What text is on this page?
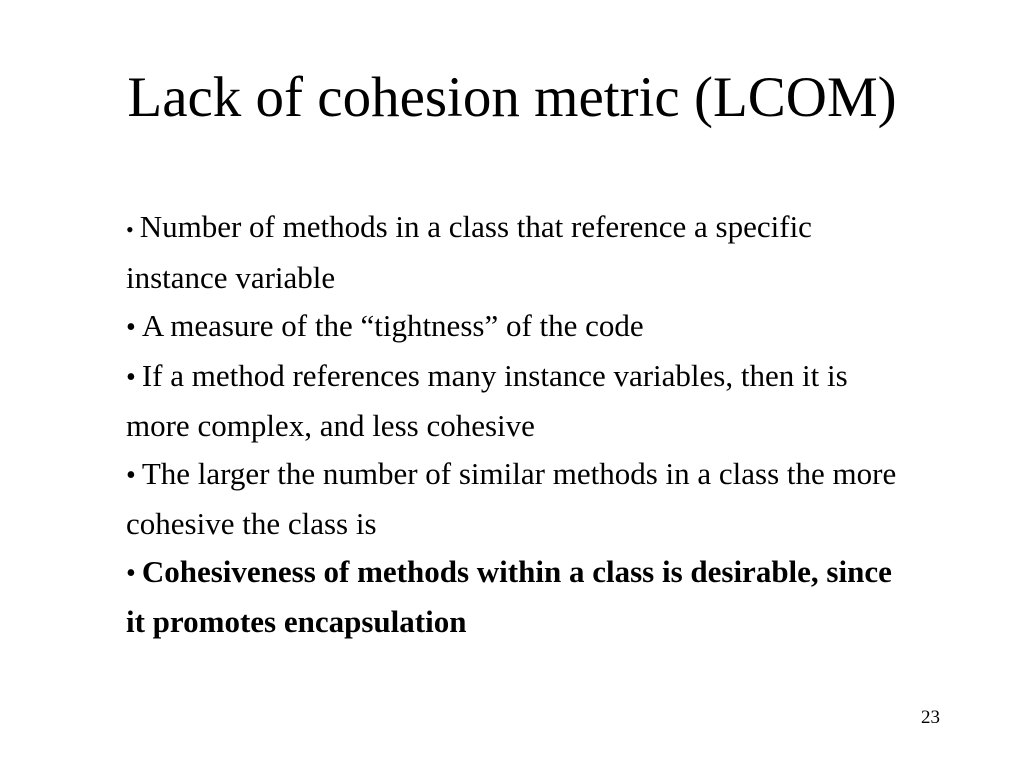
Lack of cohesion metric (LCOM)
• Number of methods in a class that reference a specific instance variable
• A measure of the “tightness” of the code
• If a method references many instance variables, then it is more complex, and less cohesive
• The larger the number of similar methods in a class the more cohesive the class is
• Cohesiveness of methods within a class is desirable, since it promotes encapsulation
23
